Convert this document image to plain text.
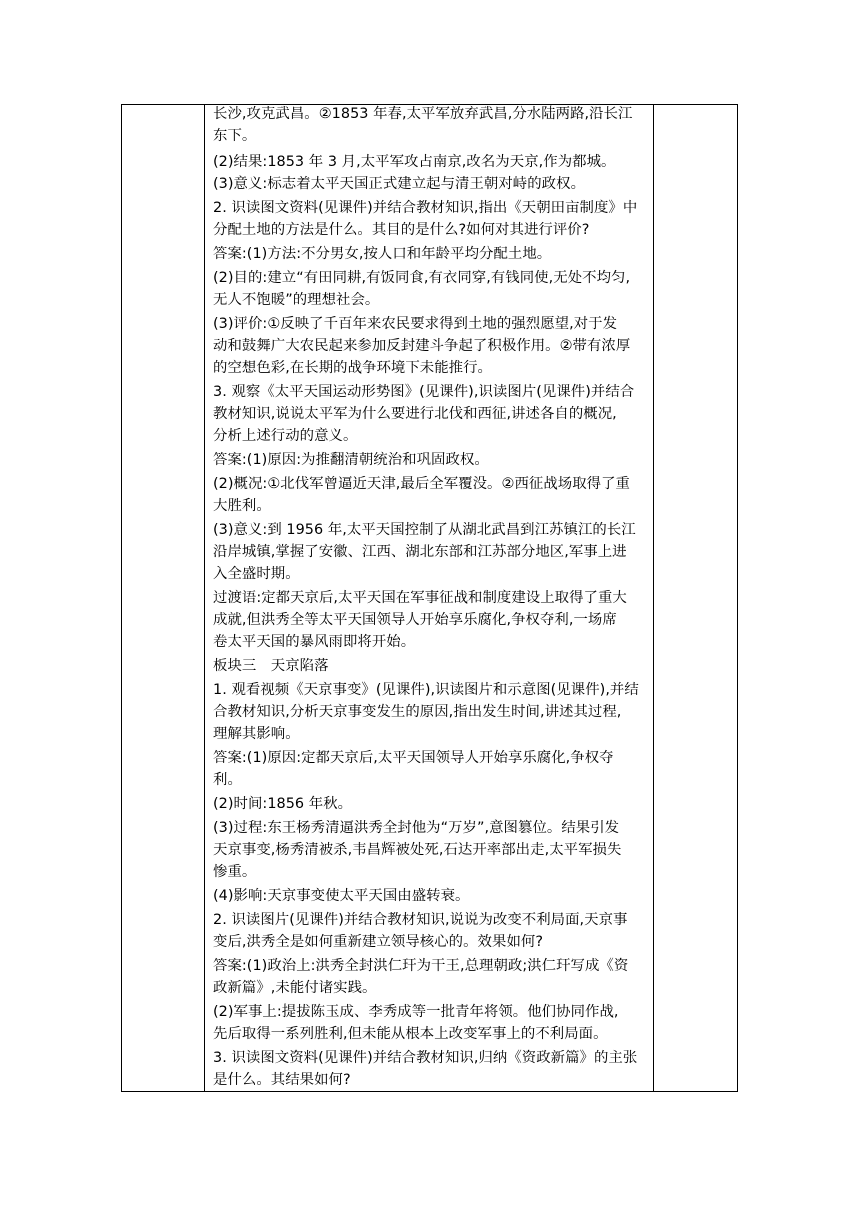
长沙,攻克武昌。②1853 年春,太平军放弃武昌,分水陆两路,沿长江
东下。
(2)结果:1853 年 3 月,太平军攻占南京,改名为天京,作为都城。
(3)意义:标志着太平天国正式建立起与清王朝对峙的政权。
2. 识读图文资料(见课件)并结合教材知识,指出《天朝田亩制度》中
分配土地的方法是什么。其目的是什么?如何对其进行评价?
答案:(1)方法:不分男女,按人口和年龄平均分配土地。
(2)目的:建立“有田同耕,有饭同食,有衣同穿,有钱同使,无处不均匀,
无人不饱暖”的理想社会。
(3)评价:①反映了千百年来农民要求得到土地的强烈愿望,对于发
动和鼓舞广大农民起来参加反封建斗争起了积极作用。②带有浓厚
的空想色彩,在长期的战争环境下未能推行。
3. 观察《太平天国运动形势图》(见课件),识读图片(见课件)并结合
教材知识,说说太平军为什么要进行北伐和西征,讲述各自的概况,
分析上述行动的意义。
答案:(1)原因:为推翻清朝统治和巩固政权。
(2)概况:①北伐军曾逼近天津,最后全军覆没。②西征战场取得了重
大胜利。
(3)意义:到 1956 年,太平天国控制了从湖北武昌到江苏镇江的长江
沿岸城镇,掌握了安徽、江西、湖北东部和江苏部分地区,军事上进
入全盛时期。
过渡语:定都天京后,太平天国在军事征战和制度建设上取得了重大
成就,但洪秀全等太平天国领导人开始享乐腐化,争权夺利,一场席
卷太平天国的暴风雨即将开始。
板块三　天京陷落
1. 观看视频《天京事变》(见课件),识读图片和示意图(见课件),并结
合教材知识,分析天京事变发生的原因,指出发生时间,讲述其过程,
理解其影响。
答案:(1)原因:定都天京后,太平天国领导人开始享乐腐化,争权夺
利。
(2)时间:1856 年秋。
(3)过程:东王杨秀清逼洪秀全封他为“万岁”,意图篡位。结果引发
天京事变,杨秀清被杀,韦昌辉被处死,石达开率部出走,太平军损失
惨重。
(4)影响:天京事变使太平天国由盛转衰。
2. 识读图片(见课件)并结合教材知识,说说为改变不利局面,天京事
变后,洪秀全是如何重新建立领导核心的。效果如何?
答案:(1)政治上:洪秀全封洪仁玕为干王,总理朝政;洪仁玕写成《资
政新篇》,未能付诸实践。
(2)军事上:提拔陈玉成、李秀成等一批青年将领。他们协同作战,
先后取得一系列胜利,但未能从根本上改变军事上的不利局面。
3. 识读图文资料(见课件)并结合教材知识,归纳《资政新篇》的主张
是什么。其结果如何?
